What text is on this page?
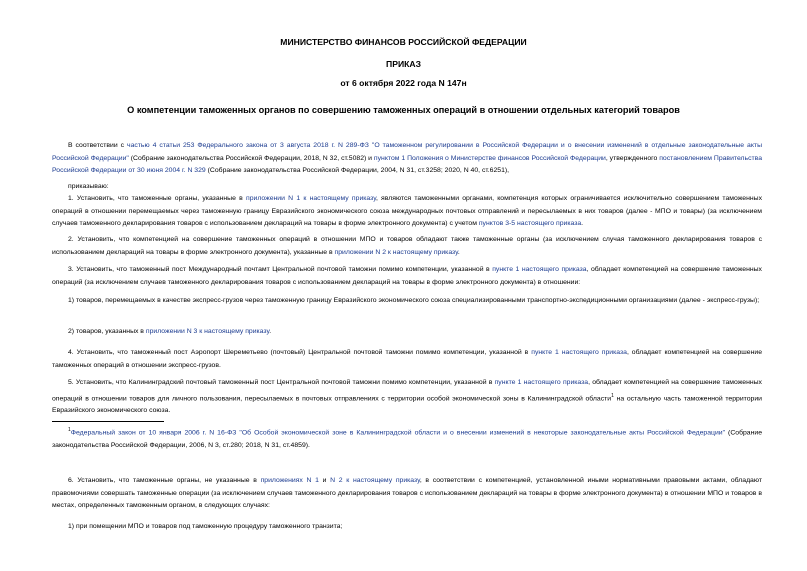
МИНИСТЕРСТВО ФИНАНСОВ РОССИЙСКОЙ ФЕДЕРАЦИИ
ПРИКАЗ
от 6 октября 2022 года N 147н
О компетенции таможенных органов по совершению таможенных операций в отношении отдельных категорий товаров
В соответствии с частью 4 статьи 253 Федерального закона от 3 августа 2018 г. N 289-ФЗ "О таможенном регулировании в Российской Федерации и о внесении изменений в отдельные законодательные акты Российской Федерации" (Собрание законодательства Российской Федерации, 2018, N 32, ст.5082) и пунктом 1 Положения о Министерстве финансов Российской Федерации, утвержденного постановлением Правительства Российской Федерации от 30 июня 2004 г. N 329 (Собрание законодательства Российской Федерации, 2004, N 31, ст.3258; 2020, N 40, ст.6251),
приказываю:
1. Установить, что таможенные органы, указанные в приложении N 1 к настоящему приказу, являются таможенными органами, компетенция которых ограничивается исключительно совершением таможенных операций в отношении перемещаемых через таможенную границу Евразийского экономического союза международных почтовых отправлений и пересылаемых в них товаров (далее - МПО и товары) (за исключением случаев таможенного декларирования товаров с использованием деклараций на товары в форме электронного документа) с учетом пунктов 3-5 настоящего приказа.
2. Установить, что компетенцией на совершение таможенных операций в отношении МПО и товаров обладают также таможенные органы (за исключением случая таможенного декларирования товаров с использованием деклараций на товары в форме электронного документа), указанные в приложении N 2 к настоящему приказу.
3. Установить, что таможенный пост Международный почтамт Центральной почтовой таможни помимо компетенции, указанной в пункте 1 настоящего приказа, обладает компетенцией на совершение таможенных операций (за исключением случаев таможенного декларирования товаров с использованием деклараций на товары в форме электронного документа) в отношении:
1) товаров, перемещаемых в качестве экспресс-грузов через таможенную границу Евразийского экономического союза специализированными транспортно-экспедиционными организациями (далее - экспресс-грузы);
2) товаров, указанных в приложении N 3 к настоящему приказу.
4. Установить, что таможенный пост Аэропорт Шереметьево (почтовый) Центральной почтовой таможни помимо компетенции, указанной в пункте 1 настоящего приказа, обладает компетенцией на совершение таможенных операций в отношении экспресс-грузов.
5. Установить, что Калининградский почтовый таможенный пост Центральной почтовой таможни помимо компетенции, указанной в пункте 1 настоящего приказа, обладает компетенцией на совершение таможенных операций в отношении товаров для личного пользования, пересылаемых в почтовых отправлениях с территории особой экономической зоны в Калининградской области$^1$ на остальную часть таможенной территории Евразийского экономического союза.
$^1$Федеральный закон от 10 января 2006 г. N 16-ФЗ "Об Особой экономической зоне в Калининградской области и о внесении изменений в некоторые законодательные акты Российской Федерации" (Собрание законодательства Российской Федерации, 2006, N 3, ст.280; 2018, N 31, ст.4859).
6. Установить, что таможенные органы, не указанные в приложениях N 1 и N 2 к настоящему приказу, в соответствии с компетенцией, установленной иными нормативными правовыми актами, обладают правомочиями совершать таможенные операции (за исключением случаев таможенного декларирования товаров с использованием деклараций на товары в форме электронного документа) в отношении МПО и товаров в местах, определенных таможенным органом, в следующих случаях:
1) при помещении МПО и товаров под таможенную процедуру таможенного транзита;
